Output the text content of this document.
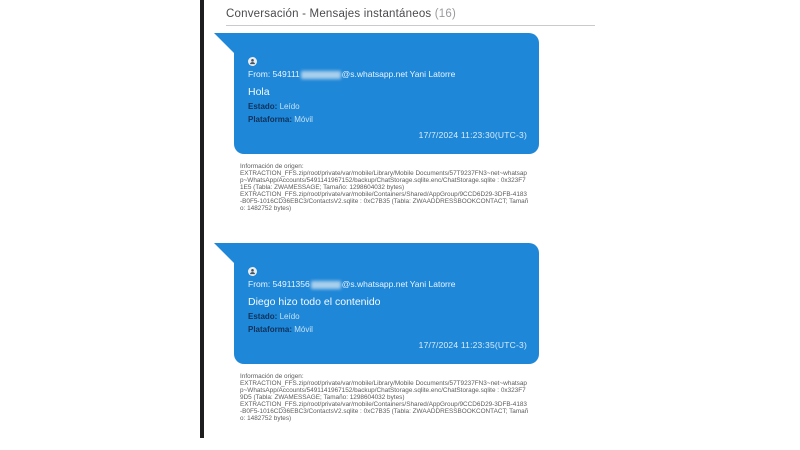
Conversación - Mensajes instantáneos (16)
From: 549111	@s.whatsapp.net Yani Latorre
Hola
Estado: Leído
Plataforma: Móvil
17/7/2024 11:23:30(UTC-3)
Información de origen:
EXTRACTION_FFS.zip/root/private/var/mobile/Library/Mobile Documents/57T9237FN3~net~whatsapp~WhatsApp/Accounts/5491141967152/backup/ChatStorage.sqlite.enc/ChatStorage.sqlite : 0x323F71E5 (Tabla: ZWAMESSAGE; Tamaño: 1298604032 bytes)
EXTRACTION_FFS.zip/root/private/var/mobile/Containers/Shared/AppGroup/9CCD6D29-3DFB-4183-B0F5-1016CD36EBC3/ContactsV2.sqlite : 0xC7B35 (Tabla: ZWAADDRESSBOOKCONTACT; Tamaño: 1482752 bytes)
From: 54911356	@s.whatsapp.net Yani Latorre
Diego hizo todo el contenido
Estado: Leído
Plataforma: Móvil
17/7/2024 11:23:35(UTC-3)
Información de origen:
EXTRACTION_FFS.zip/root/private/var/mobile/Library/Mobile Documents/57T9237FN3~net~whatsapp~WhatsApp/Accounts/5491141967152/backup/ChatStorage.sqlite.enc/ChatStorage.sqlite : 0x323F79D5 (Tabla: ZWAMESSAGE; Tamaño: 1298604032 bytes)
EXTRACTION_FFS.zip/root/private/var/mobile/Containers/Shared/AppGroup/9CCD6D29-3DFB-4183-B0F5-1016CD36EBC3/ContactsV2.sqlite : 0xC7B35 (Tabla: ZWAADDRESSBOOKCONTACT; Tamaño: 1482752 bytes)
